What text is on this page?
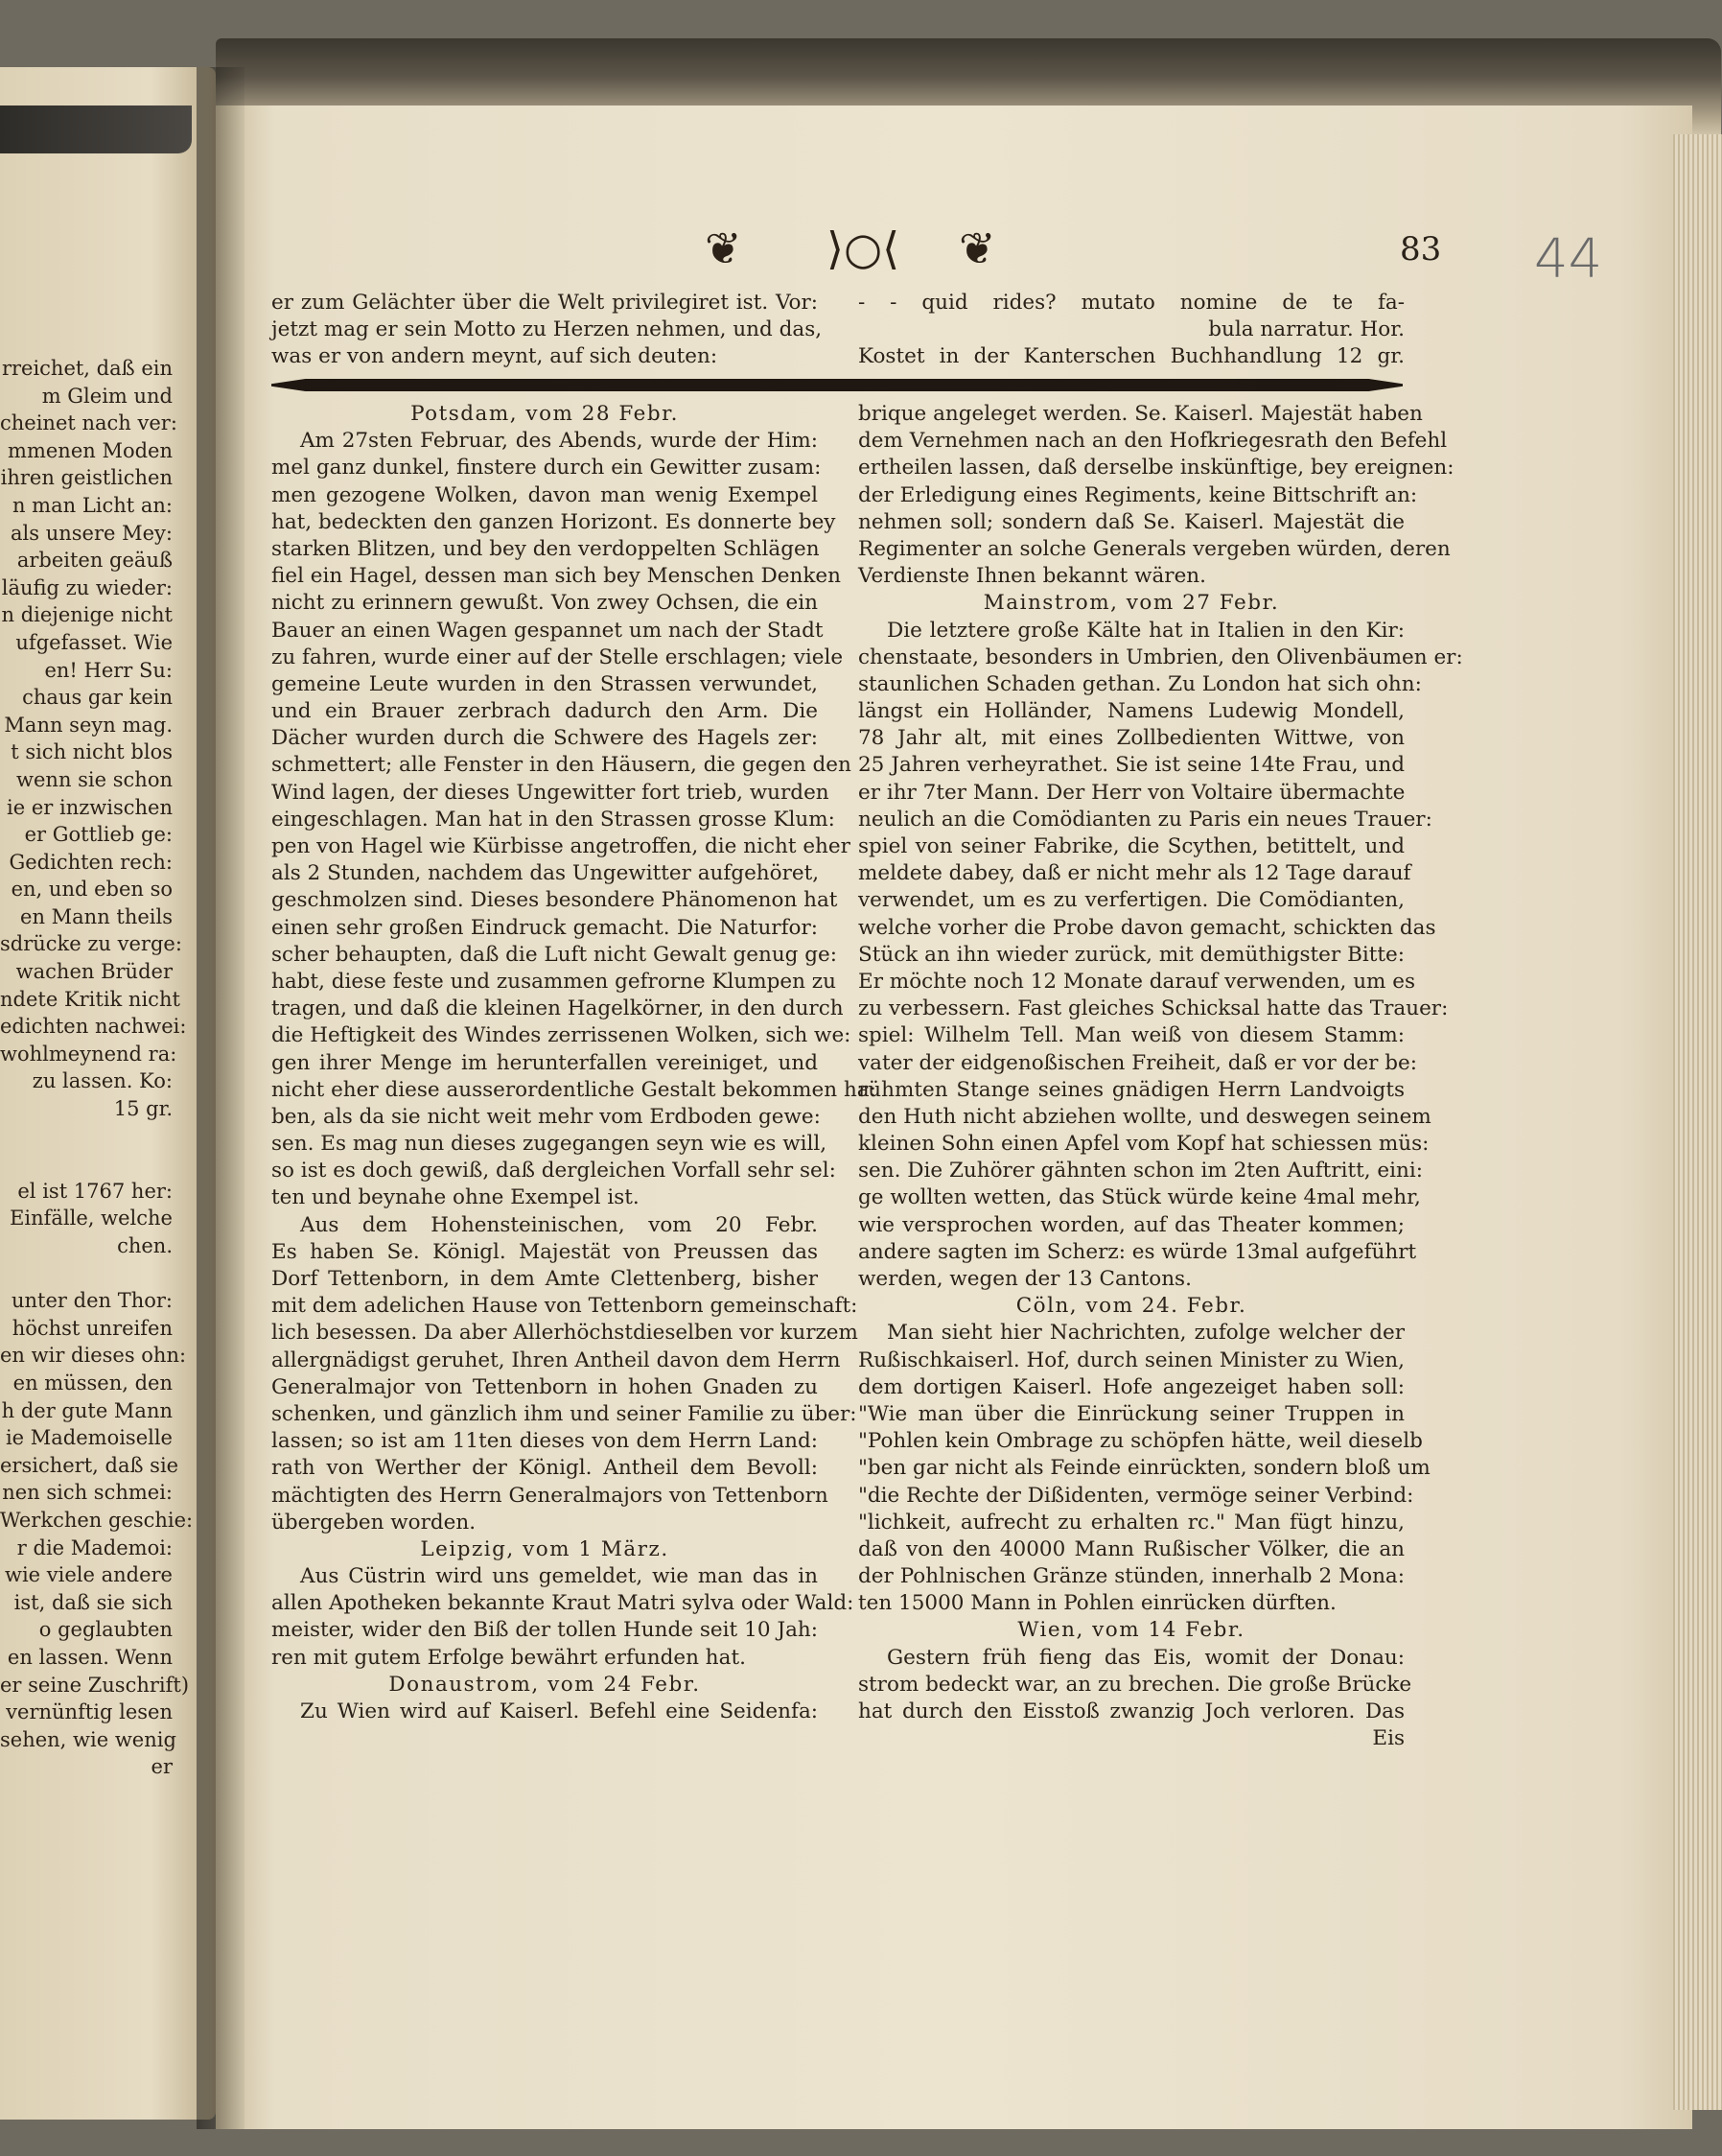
rreichet, daß ein
m Gleim und
cheinet nach ver:
mmenen Moden
ihren geistlichen
n man Licht an:
als unsere Mey:
arbeiten geäuß
läufig zu wieder:
n diejenige nicht
ufgefasset. Wie
en! Herr Su:
chaus gar kein
Mann seyn mag.
t sich nicht blos
wenn sie schon
ie er inzwischen
er Gottlieb ge:
Gedichten rech:
en, und eben so
en Mann theils
sdrücke zu verge:
wachen Brüder
ndete Kritik nicht
edichten nachwei:
wohlmeynend ra:
zu lassen. Ko:
15 gr.

el ist 1767 her:
Einfälle, welche
chen.

unter den Thor:
höchst unreifen
en wir dieses ohn:
en müssen, den
h der gute Mann
ie Mademoiselle
ersichert, daß sie
nen sich schmei:
Werkchen geschie:
r die Mademoi:
wie viele andere
ist, daß sie sich
o geglaubten
en lassen. Wenn
er seine Zuschrift)
vernünftig lesen
sehen, wie wenig
er
❦ ⟩○⟨ ❦	83 44
er zum Gelächter über die Welt privilegiret ist. Vor:
jetzt mag er sein Motto zu Herzen nehmen, und das,
was er von andern meynt, auf sich deuten:
- - quid rides? mutato nomine de te fa-
bula narratur. Hor.
Kostet in der Kanterschen Buchhandlung 12 gr.
Potsdam, vom 28 Febr.
Am 27sten Februar, des Abends, wurde der Him:
mel ganz dunkel, finstere durch ein Gewitter zusam:
men gezogene Wolken, davon man wenig Exempel
hat, bedeckten den ganzen Horizont. Es donnerte bey
starken Blitzen, und bey den verdoppelten Schlägen
fiel ein Hagel, dessen man sich bey Menschen Denken
nicht zu erinnern gewußt. Von zwey Ochsen, die ein
Bauer an einen Wagen gespannet um nach der Stadt
zu fahren, wurde einer auf der Stelle erschlagen; viele
gemeine Leute wurden in den Strassen verwundet,
und ein Brauer zerbrach dadurch den Arm. Die
Dächer wurden durch die Schwere des Hagels zer:
schmettert; alle Fenster in den Häusern, die gegen den
Wind lagen, der dieses Ungewitter fort trieb, wurden
eingeschlagen. Man hat in den Strassen grosse Klum:
pen von Hagel wie Kürbisse angetroffen, die nicht eher
als 2 Stunden, nachdem das Ungewitter aufgehöret,
geschmolzen sind. Dieses besondere Phänomenon hat
einen sehr großen Eindruck gemacht. Die Naturfor:
scher behaupten, daß die Luft nicht Gewalt genug ge:
habt, diese feste und zusammen gefrorne Klumpen zu
tragen, und daß die kleinen Hagelkörner, in den durch
die Heftigkeit des Windes zerrissenen Wolken, sich we:
gen ihrer Menge im herunterfallen vereiniget, und
nicht eher diese ausserordentliche Gestalt bekommen ha:
ben, als da sie nicht weit mehr vom Erdboden gewe:
sen. Es mag nun dieses zugegangen seyn wie es will,
so ist es doch gewiß, daß dergleichen Vorfall sehr sel:
ten und beynahe ohne Exempel ist.
Aus dem Hohensteinischen, vom 20 Febr.
Es haben Se. Königl. Majestät von Preussen das
Dorf Tettenborn, in dem Amte Clettenberg, bisher
mit dem adelichen Hause von Tettenborn gemeinschaft:
lich besessen. Da aber Allerhöchstdieselben vor kurzem
allergnädigst geruhet, Ihren Antheil davon dem Herrn
Generalmajor von Tettenborn in hohen Gnaden zu
schenken, und gänzlich ihm und seiner Familie zu über:
lassen; so ist am 11ten dieses von dem Herrn Land:
rath von Werther der Königl. Antheil dem Bevoll:
mächtigten des Herrn Generalmajors von Tettenborn
übergeben worden.
Leipzig, vom 1 März.
Aus Cüstrin wird uns gemeldet, wie man das in
allen Apotheken bekannte Kraut Matri sylva oder Wald:
meister, wider den Biß der tollen Hunde seit 10 Jah:
ren mit gutem Erfolge bewährt erfunden hat.
Donaustrom, vom 24 Febr.
Zu Wien wird auf Kaiserl. Befehl eine Seidenfa:
brique angeleget werden. Se. Kaiserl. Majestät haben
dem Vernehmen nach an den Hofkriegesrath den Befehl
ertheilen lassen, daß derselbe inskünftige, bey ereignen:
der Erledigung eines Regiments, keine Bittschrift an:
nehmen soll; sondern daß Se. Kaiserl. Majestät die
Regimenter an solche Generals vergeben würden, deren
Verdienste Ihnen bekannt wären.
Mainstrom, vom 27 Febr.
Die letztere große Kälte hat in Italien in den Kir:
chenstaate, besonders in Umbrien, den Olivenbäumen er:
staunlichen Schaden gethan. Zu London hat sich ohn:
längst ein Holländer, Namens Ludewig Mondell,
78 Jahr alt, mit eines Zollbedienten Wittwe, von
25 Jahren verheyrathet. Sie ist seine 14te Frau, und
er ihr 7ter Mann. Der Herr von Voltaire übermachte
neulich an die Comödianten zu Paris ein neues Trauer:
spiel von seiner Fabrike, die Scythen, betittelt, und
meldete dabey, daß er nicht mehr als 12 Tage darauf
verwendet, um es zu verfertigen. Die Comödianten,
welche vorher die Probe davon gemacht, schickten das
Stück an ihn wieder zurück, mit demüthigster Bitte:
Er möchte noch 12 Monate darauf verwenden, um es
zu verbessern. Fast gleiches Schicksal hatte das Trauer:
spiel: Wilhelm Tell. Man weiß von diesem Stamm:
vater der eidgenoßischen Freiheit, daß er vor der be:
rühmten Stange seines gnädigen Herrn Landvoigts
den Huth nicht abziehen wollte, und deswegen seinem
kleinen Sohn einen Apfel vom Kopf hat schiessen müs:
sen. Die Zuhörer gähnten schon im 2ten Auftritt, eini:
ge wollten wetten, das Stück würde keine 4mal mehr,
wie versprochen worden, auf das Theater kommen;
andere sagten im Scherz: es würde 13mal aufgeführt
werden, wegen der 13 Cantons.
Cöln, vom 24. Febr.
Man sieht hier Nachrichten, zufolge welcher der
Rußischkaiserl. Hof, durch seinen Minister zu Wien,
dem dortigen Kaiserl. Hofe angezeiget haben soll:
"Wie man über die Einrückung seiner Truppen in
"Pohlen kein Ombrage zu schöpfen hätte, weil dieselb
"ben gar nicht als Feinde einrückten, sondern bloß um
"die Rechte der Dißidenten, vermöge seiner Verbind:
"lichkeit, aufrecht zu erhalten rc." Man fügt hinzu,
daß von den 40000 Mann Rußischer Völker, die an
der Pohlnischen Gränze stünden, innerhalb 2 Mona:
ten 15000 Mann in Pohlen einrücken dürften.
Wien, vom 14 Febr.
Gestern früh fieng das Eis, womit der Donau:
strom bedeckt war, an zu brechen. Die große Brücke
hat durch den Eisstoß zwanzig Joch verloren. Das
Eis
